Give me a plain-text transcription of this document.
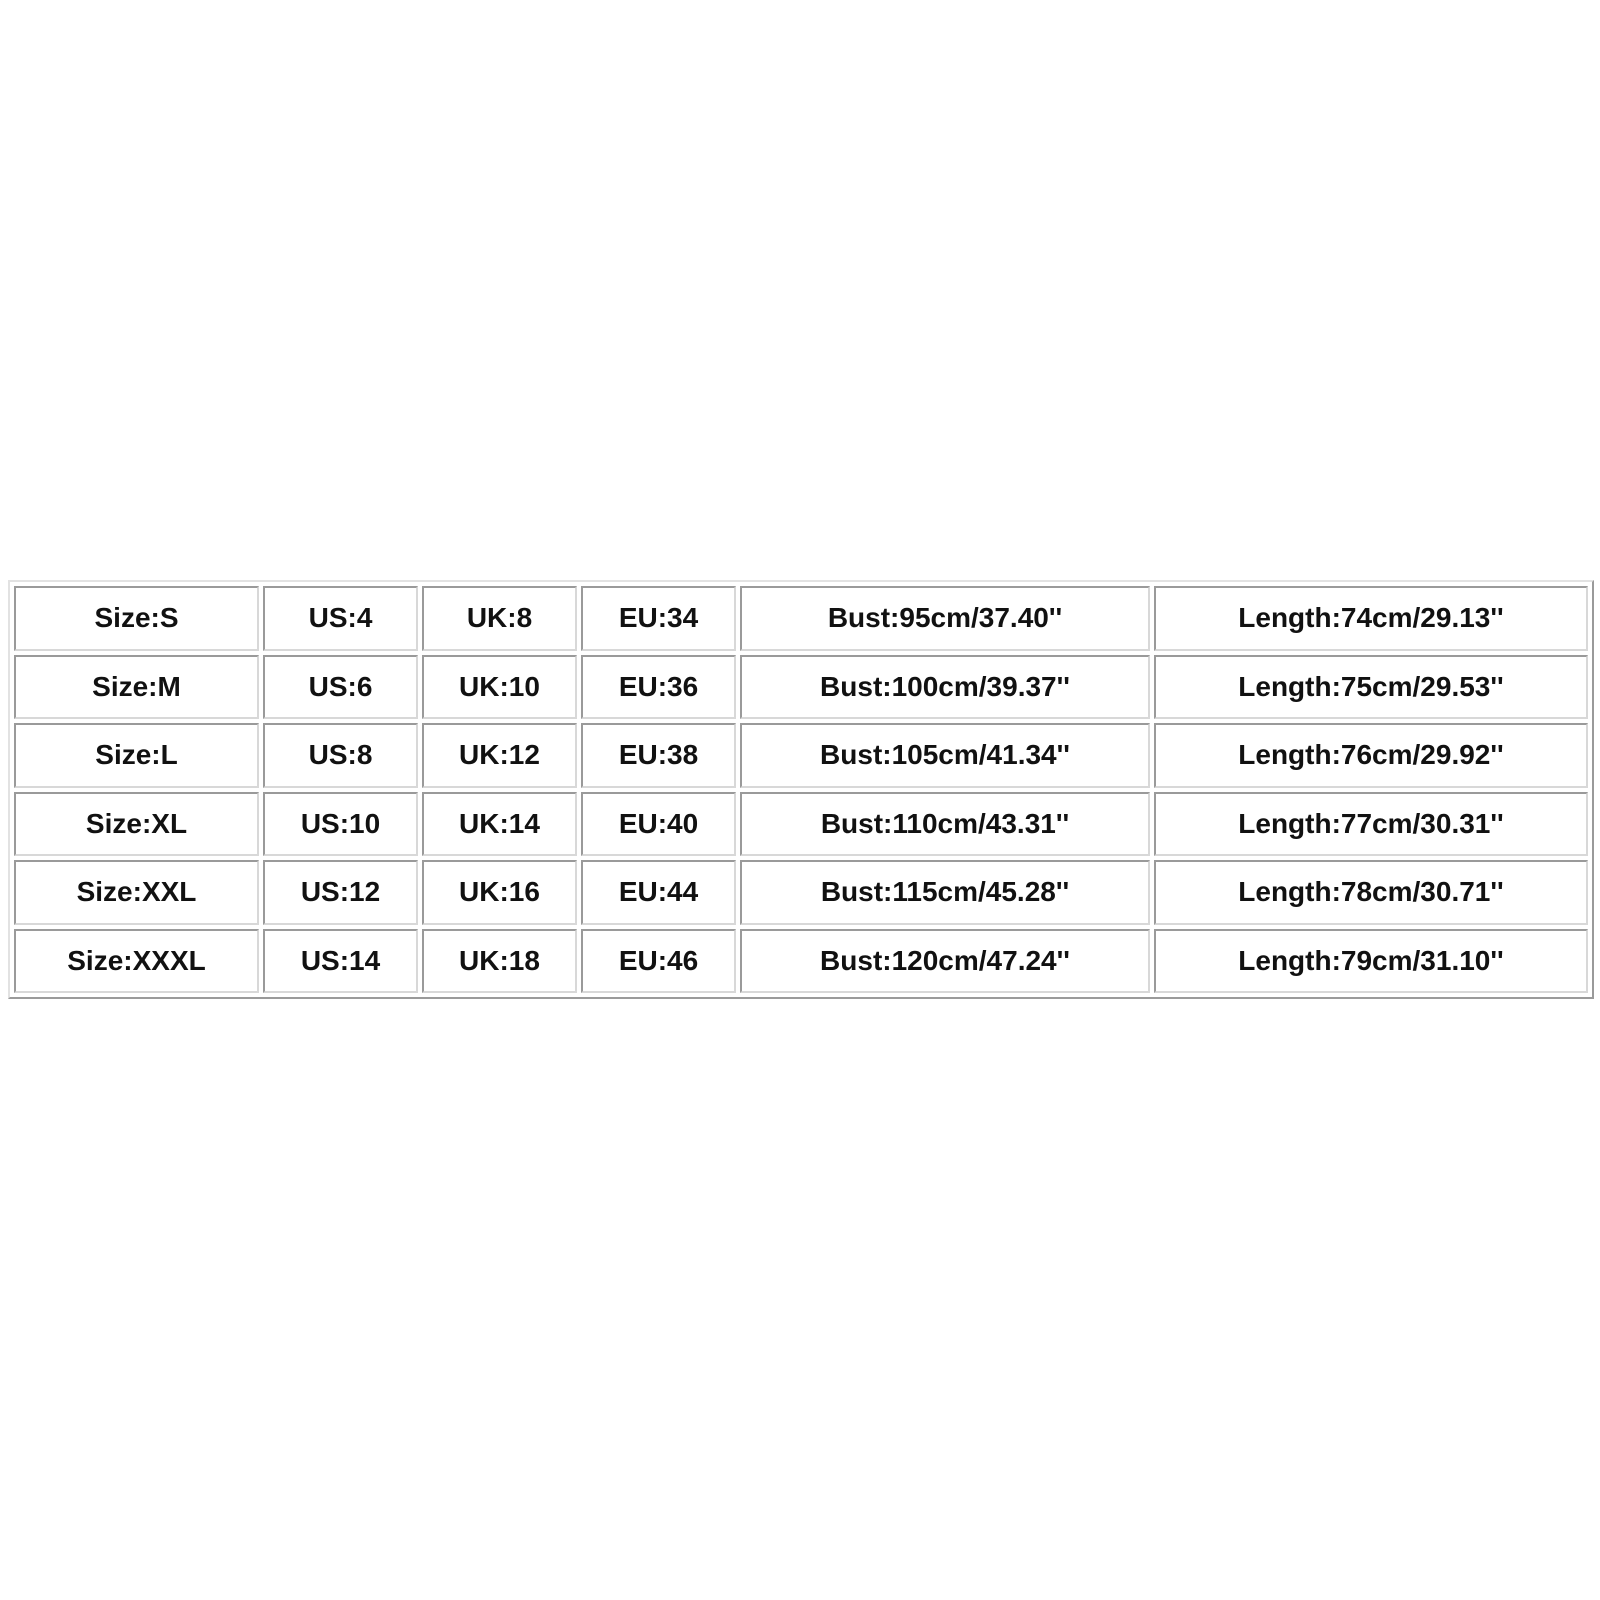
Size:S	US:4	UK:8	EU:34	Bust:95cm/37.40''	Length:74cm/29.13''
Size:M	US:6	UK:10	EU:36	Bust:100cm/39.37''	Length:75cm/29.53''
Size:L	US:8	UK:12	EU:38	Bust:105cm/41.34''	Length:76cm/29.92''
Size:XL	US:10	UK:14	EU:40	Bust:110cm/43.31''	Length:77cm/30.31''
Size:XXL	US:12	UK:16	EU:44	Bust:115cm/45.28''	Length:78cm/30.71''
Size:XXXL	US:14	UK:18	EU:46	Bust:120cm/47.24''	Length:79cm/31.10''
